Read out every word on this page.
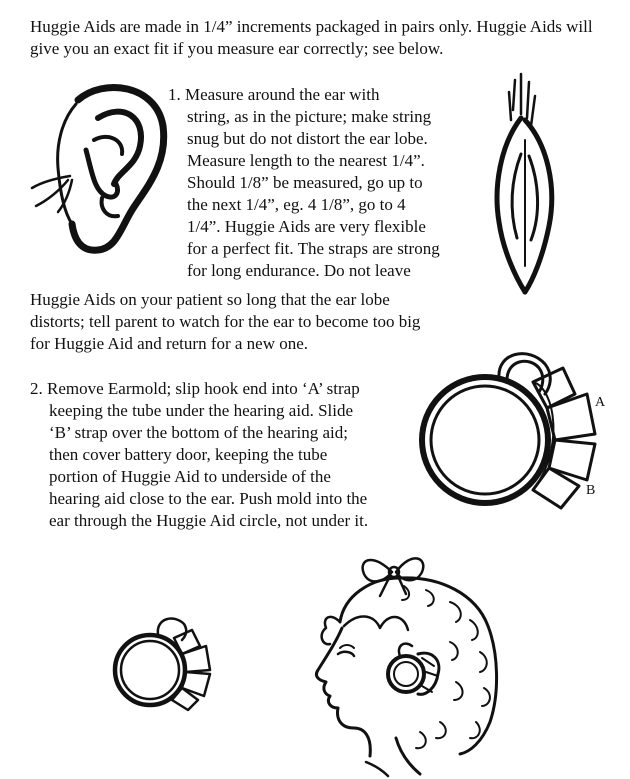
Huggie Aids are made in 1/4” increments packaged in pairs only. Huggie Aids will give you an exact fit if you measure ear correctly; see below.
1. Measure around the ear with
string, as in the picture; make string
snug but do not distort the ear lobe.
Measure length to the nearest 1/4”.
Should 1/8” be measured, go up to
the next 1/4”, eg. 4 1/8”, go to 4
1/4”. Huggie Aids are very flexible
for a perfect fit. The straps are strong
for long endurance. Do not leave
Huggie Aids on your patient so long that the ear lobe
distorts; tell parent to watch for the ear to become too big
for Huggie Aid and return for a new one.
2. Remove Earmold; slip hook end into ‘A’ strap
keeping the tube under the hearing aid. Slide
‘B’ strap over the bottom of the hearing aid;
then cover battery door, keeping the tube
portion of Huggie Aid to underside of the
hearing aid close to the ear. Push mold into the
ear through the Huggie Aid circle, not under it.
A
B
